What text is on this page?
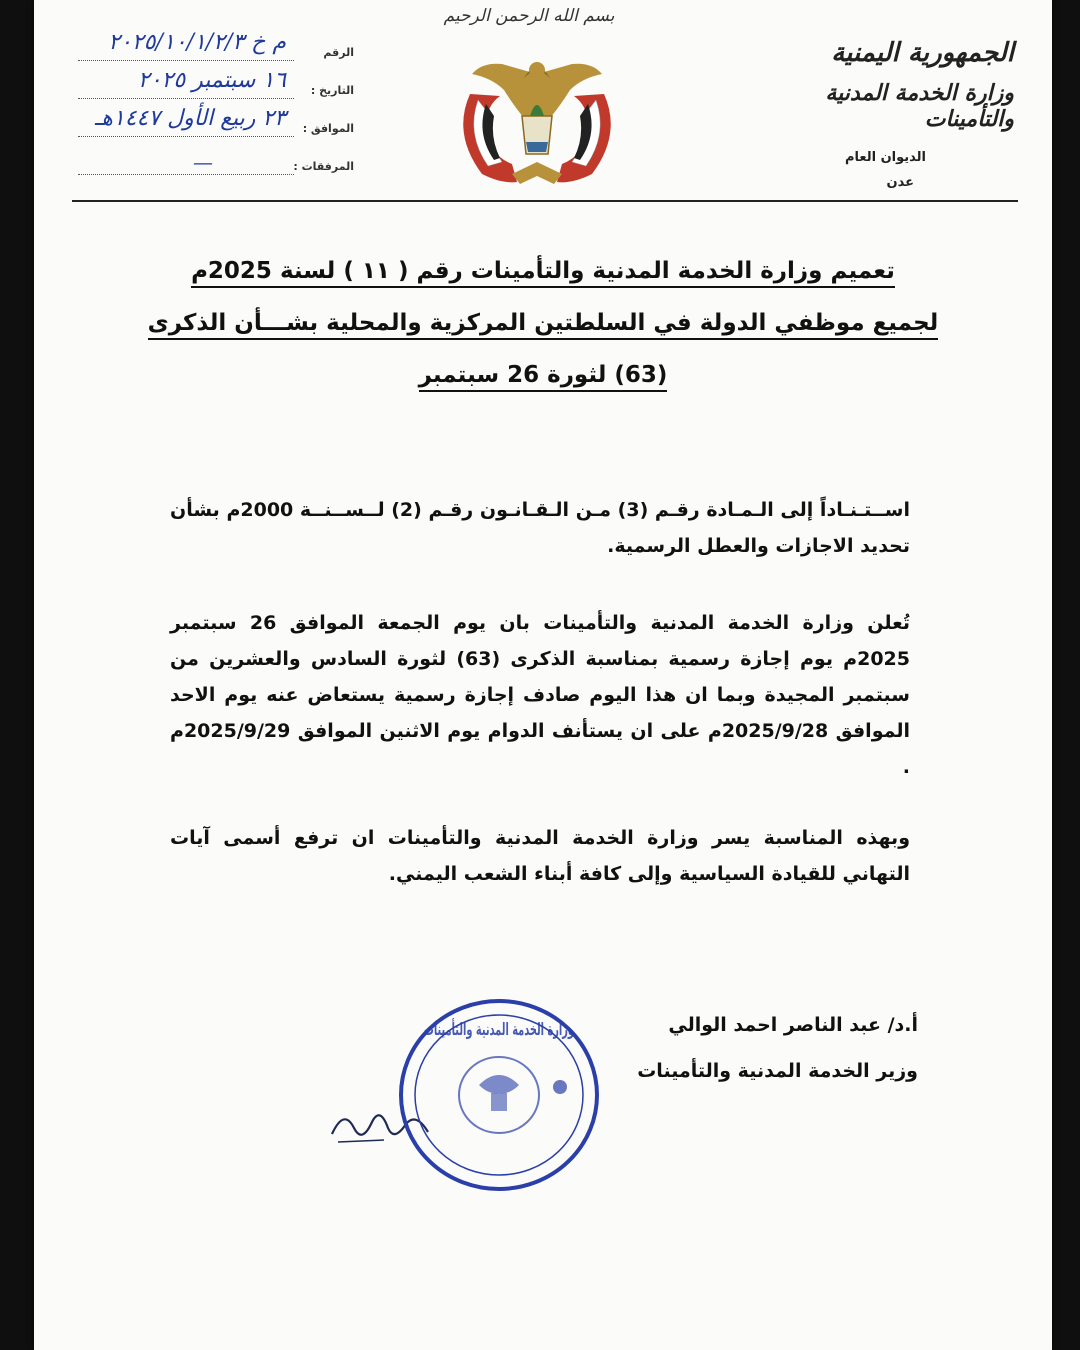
بسم الله الرحمن الرحيم
الجمهورية اليمنية
وزارة الخدمة المدنية والتأمينات
الديوان العام
عدن
الرقم
م خ ٢٠٢٥/١٠/١/٢/٣
التاريخ :
١٦ سبتمبر ٢٠٢٥
الموافق :
٢٣ ربيع الأول ١٤٤٧هـ
المرفقات :
—
تعميم وزارة الخدمة المدنية والتأمينات رقم ( ١١ ) لسنة 2025م
لجميع موظفي الدولة في السلطتين المركزية والمحلية بشـــأن الذكرى
(63) لثورة 26 سبتمبر
اســتـنـاداً إلى الـمـادة رقـم (3) مـن الـقـانـون رقـم (2) لــســنــة 2000م بشأن تحديد الاجازات والعطل الرسمية.
تُعلن وزارة الخدمة المدنية والتأمينات بان يوم الجمعة الموافق 26 سبتمبر 2025م يوم إجازة رسمية بمناسبة الذكرى (63) لثورة السادس والعشرين من سبتمبر المجيدة وبما ان هذا اليوم صادف إجازة رسمية يستعاض عنه يوم الاحد الموافق 2025/9/28م على ان يستأنف الدوام يوم الاثنين الموافق 2025/9/29م .
وبهذه المناسبة يسر وزارة الخدمة المدنية والتأمينات ان ترفع أسمى آيات التهاني للقيادة السياسية وإلى كافة أبناء الشعب اليمني.
أ.د/ عبد الناصر احمد الوالي
وزير الخدمة المدنية والتأمينات
وزارة الخدمة المدنية والتأمينات
